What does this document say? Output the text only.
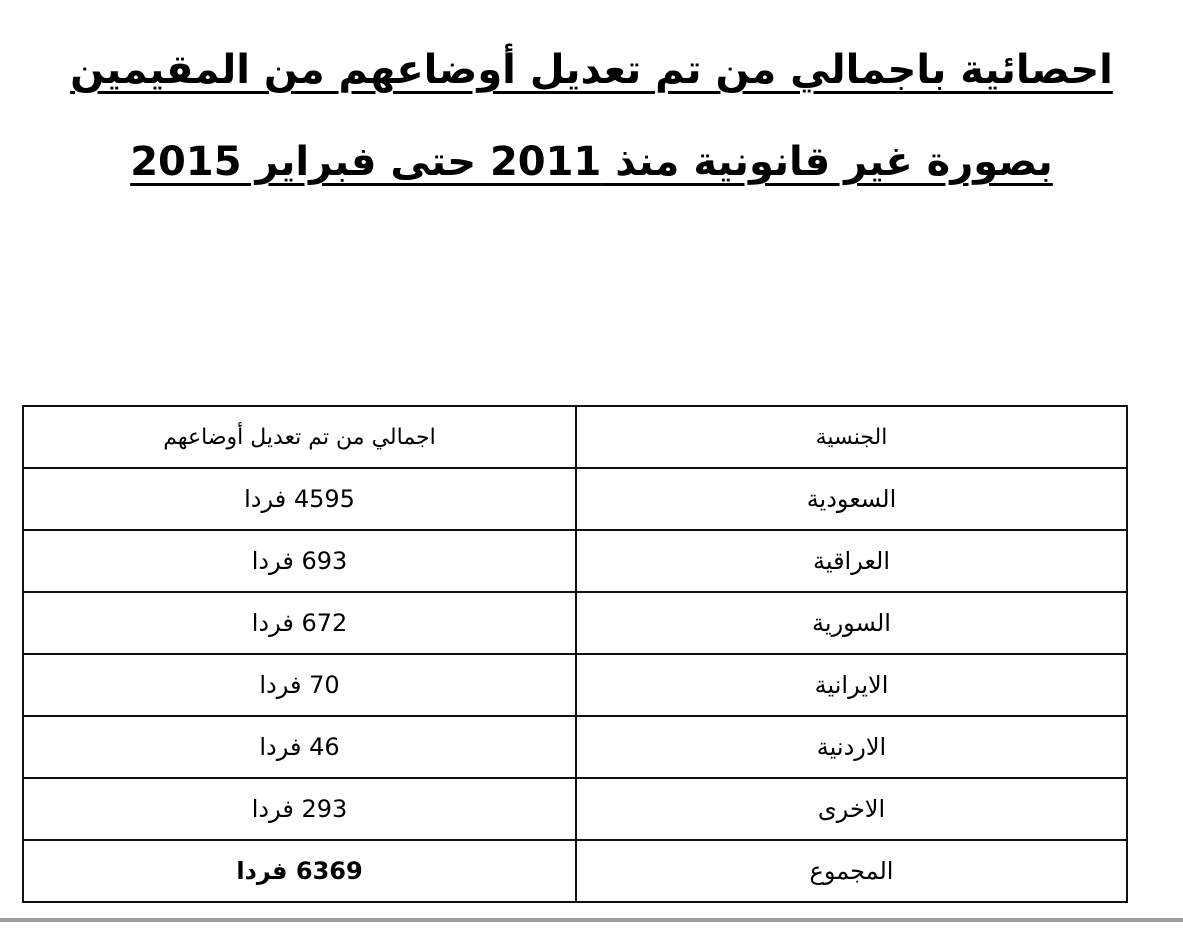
احصائية باجمالي من تم تعديل أوضاعهم من المقيمين
بصورة غير قانونية منذ 2011 حتى فبراير 2015
الجنسية	اجمالي من تم تعديل أوضاعهم
السعودية	4595 فردا
العراقية	693 فردا
السورية	672 فردا
الايرانية	70 فردا
الاردنية	46 فردا
الاخرى	293 فردا
المجموع	6369 فردا
